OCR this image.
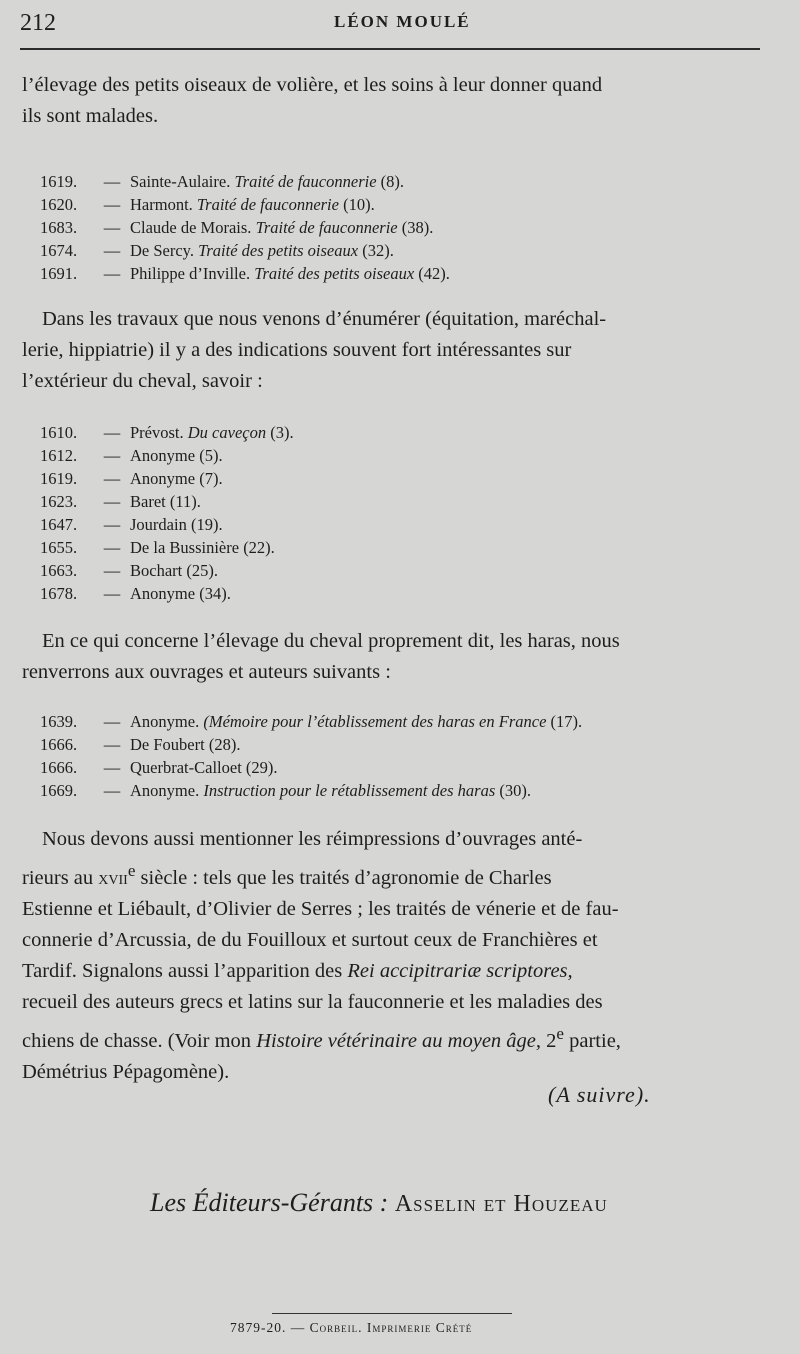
212	LÉON MOULÉ
l’élevage des petits oiseaux de volière, et les soins à leur donner quand
ils sont malades.
1619. — Sainte-Aulaire. Traité de fauconnerie (8).
1620. — Harmont. Traité de fauconnerie (10).
1683. — Claude de Morais. Traité de fauconnerie (38).
1674. — De Sercy. Traité des petits oiseaux (32).
1691. — Philippe d’Inville. Traité des petits oiseaux (42).
Dans les travaux que nous venons d’énumérer (équitation, maréchal-
lerie, hippiatrie) il y a des indications souvent fort intéressantes sur
l’extérieur du cheval, savoir :
1610. — Prévost. Du caveçon (3).
1612. — Anonyme (5).
1619. — Anonyme (7).
1623. — Baret (11).
1647. — Jourdain (19).
1655. — De la Bussinière (22).
1663. — Bochart (25).
1678. — Anonyme (34).
En ce qui concerne l’élevage du cheval proprement dit, les haras, nous
renverrons aux ouvrages et auteurs suivants :
1639. — Anonyme. (Mémoire pour l’établissement des haras en France (17).
1666. — De Foubert (28).
1666. — Querbrat-Calloet (29).
1669. — Anonyme. Instruction pour le rétablissement des haras (30).
Nous devons aussi mentionner les réimpressions d’ouvrages anté-
rieurs au xvii$^e$ siècle : tels que les traités d’agronomie de Charles
Estienne et Liébault, d’Olivier de Serres ; les traités de vénerie et de fau-
connerie d’Arcussia, de du Fouilloux et surtout ceux de Franchières et
Tardif. Signalons aussi l’apparition des Rei accipitrariæ scriptores,
recueil des auteurs grecs et latins sur la fauconnerie et les maladies des
chiens de chasse. (Voir mon Histoire vétérinaire au moyen âge, 2e partie,
Démétrius Pépagomène).
(A suivre).
Les Éditeurs-Gérants : Asselin et Houzeau
7879-20. — Corbeil. Imprimerie Crété
